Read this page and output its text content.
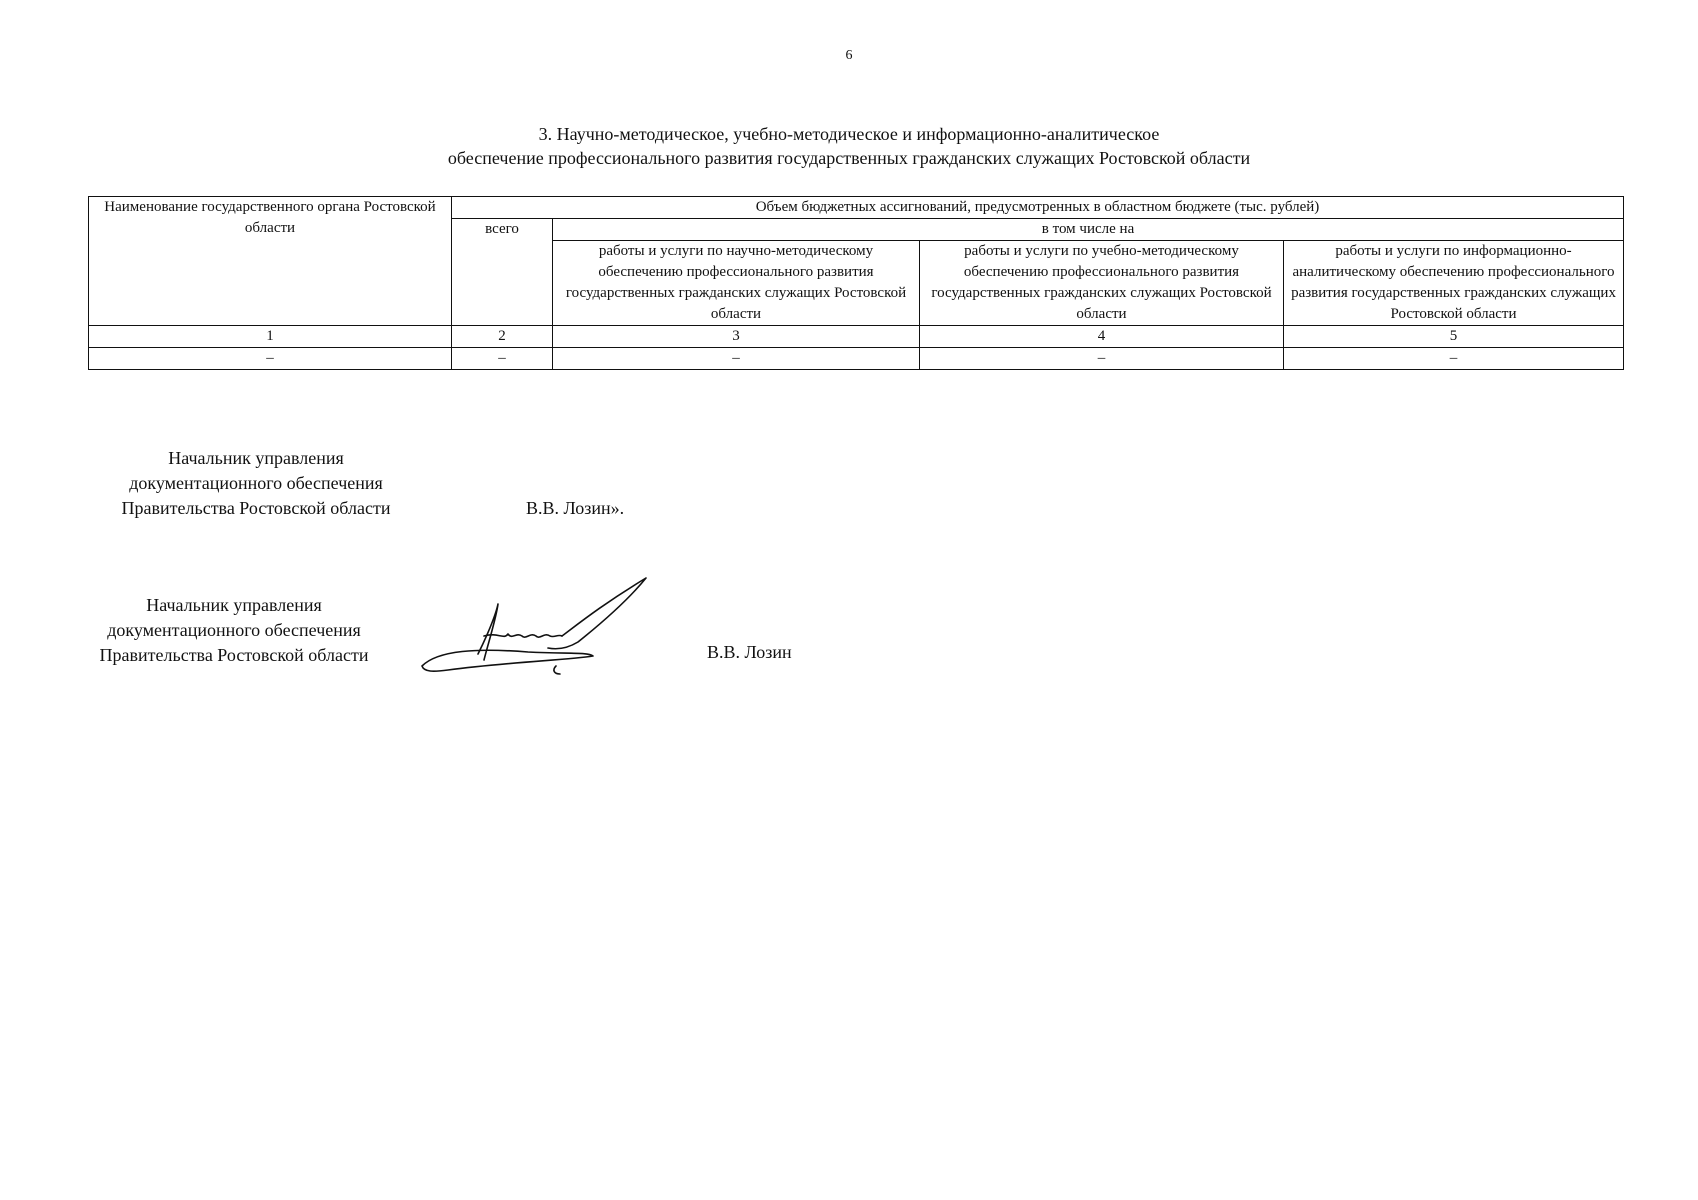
6
3. Научно-методическое, учебно-методическое и информационно-аналитическое
обеспечение профессионального развития государственных гражданских служащих Ростовской области
Наименование государственного органа Ростовской области	Объем бюджетных ассигнований, предусмотренных в областном бюджете (тыс. рублей)			
	всего	в том числе на		
		работы и услуги по научно-методическому обеспечению профессионального развития государственных гражданских служащих Ростовской области	работы и услуги по учебно-методическому обеспечению профессионального развития государственных гражданских служащих Ростовской области	работы и услуги по информационно-аналитическому обеспечению профессионального развития государственных гражданских служащих Ростовской области
1	2	3	4	5
–	–	–	–	–
Начальник управления
документационного обеспечения
Правительства Ростовской области	В.В. Лозин».
Начальник управления
документационного обеспечения
Правительства Ростовской области	В.В. Лозин
